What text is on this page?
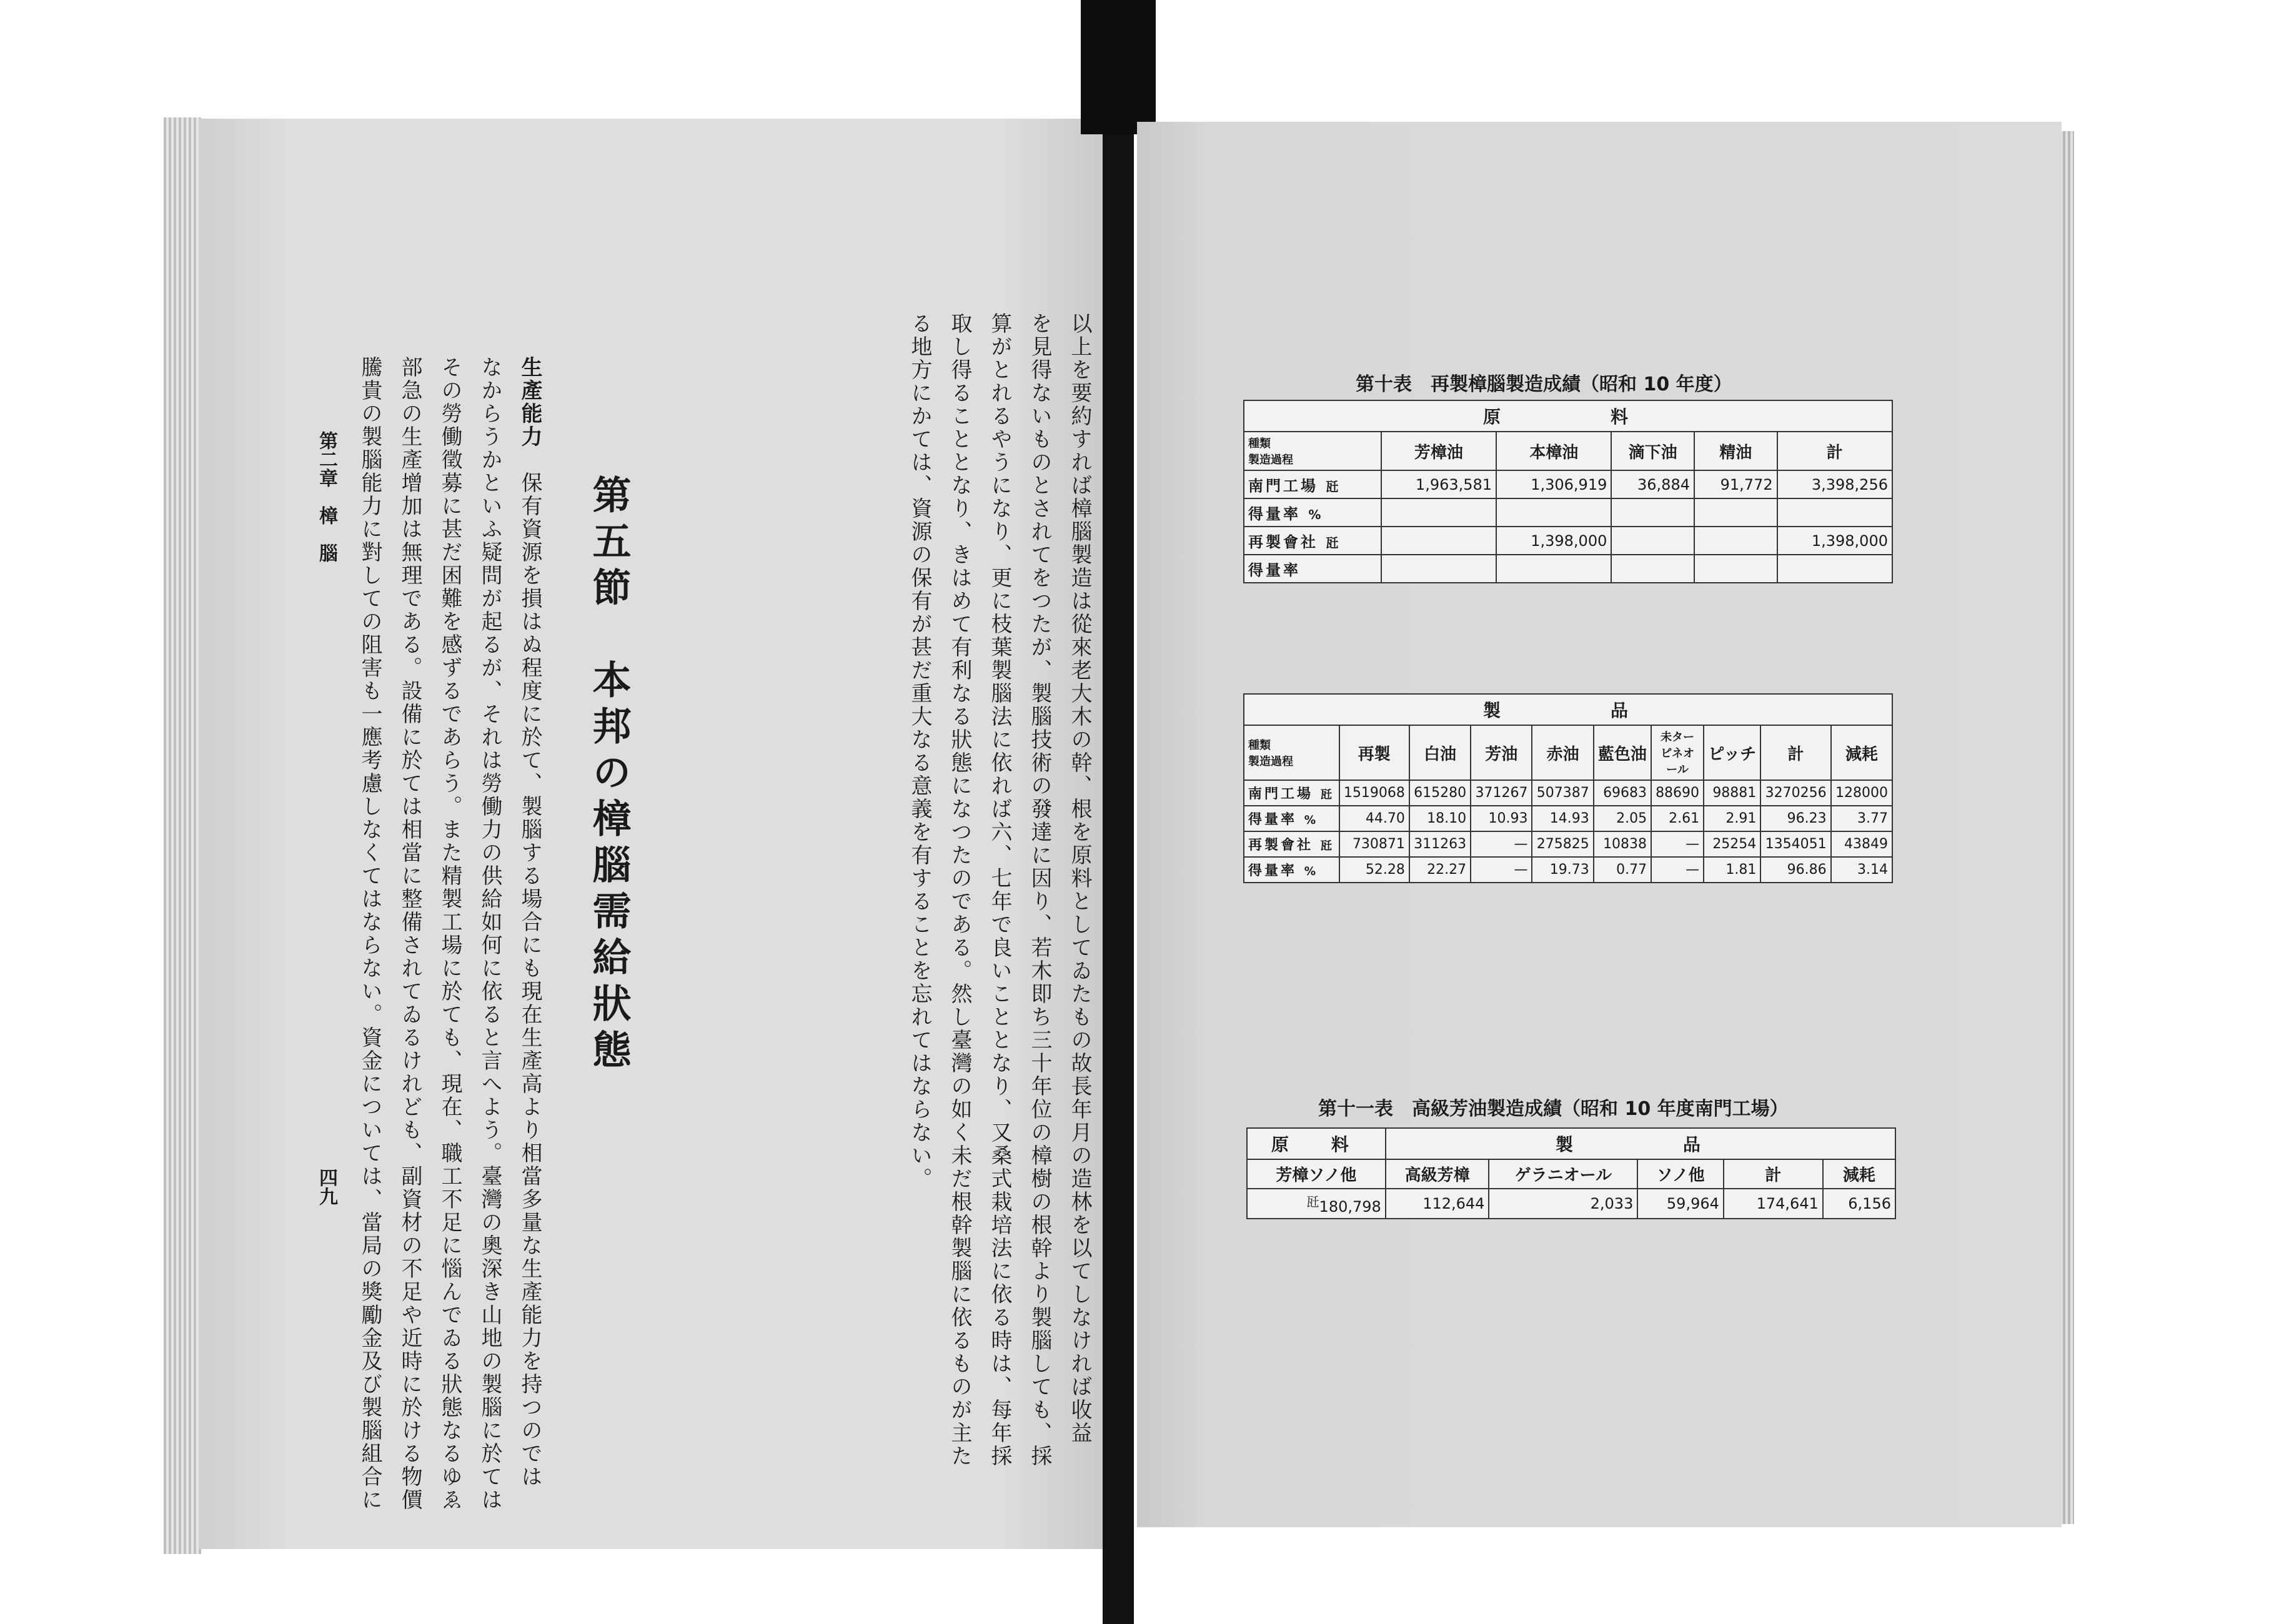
以上を要約すれば樟腦製造は從來老大木の幹、根を原料としてゐたもの故長年月の造林を以てしなければ收益
を見得ないものとされてをつたが、製腦技術の發達に因り、若木即ち三十年位の樟樹の根幹より製腦しても、採
算がとれるやうになり、更に枝葉製腦法に依れば六、七年で良いこととなり、又桑式栽培法に依る時は、每年採
取し得ることとなり、きはめて有利なる狀態になつたのである。然し臺灣の如く未だ根幹製腦に依るものが主た
る地方にかては、資源の保有が甚だ重大なる意義を有することを忘れてはならない。
第五節　本邦の樟腦需給狀態
生產能力　保有資源を損はぬ程度に於て、製腦する場合にも現在生產高より相當多量な生產能力を持つのでは
なからうかといふ疑問が起るが、それは勞働力の供給如何に依ると言へよう。臺灣の奧深き山地の製腦に於ては
その勞働徵募に甚だ困難を感ずるであらう。また精製工場に於ても、現在、職工不足に惱んでゐる狀態なるゆゑ
部急の生產增加は無理である。設備に於ては相當に整備されてゐるけれども、副資材の不足や近時に於ける物價
騰貴の製腦能力に對しての阻害も一應考慮しなくてはならない。資金については、當局の獎勵金及び製腦組合に
第二章　樟　腦
四九
第十表　再製樟腦製造成績（昭和 10 年度）
原　　料					

種類
製造過程	芳樟油	本樟油	滴下油	精油	計
南門工場 瓩	1,963,581	1,306,919	36,884	91,772	3,398,256
得量率 %					
再製會社 瓩		1,398,000			1,398,000
得量率					
製　　品									

種類
製造過程	再製	白油	芳油	赤油	藍色油	未ターピネオール	ピッチ	計	減耗
南門工場 瓩	1519068	615280	371267	507387	69683	88690	98881	3270256	128000
得量率 %	44.70	18.10	10.93	14.93	2.05	2.61	2.91	96.23	3.77
再製會社 瓩	730871	311263	—	275825	10838	—	25254	1354051	43849
得量率 %	52.28	22.27	—	19.73	0.77	—	1.81	96.86	3.14
第十一表　高級芳油製造成績（昭和 10 年度南門工場）
原　料	製　　品				
芳樟ソノ他	高級芳樟	ゲラニオール	ソノ他	計	減耗
$^瓩$180,798	112,644	2,033	59,964	174,641	6,156
